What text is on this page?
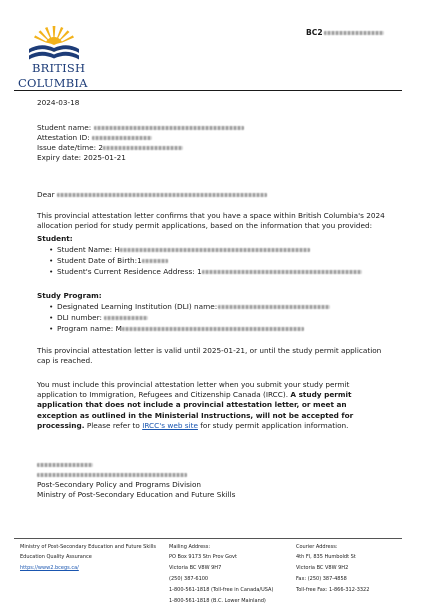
BRITISH
COLUMBIA
BC2
2024-03-18
Student name:
Attestation ID:
Issue date/time: 2
Expiry date: 2025-01-21
Dear
This provincial attestation letter confirms that you have a space within British Columbia's 2024 allocation period for study permit applications, based on the information that you provided:
Student:
• Student Name: H
• Student Date of Birth:1
• Student's Current Residence Address: 1
Study Program:
• Designated Learning Institution (DLI) name:
• DLI number:
• Program name: M
This provincial attestation letter is valid until 2025-01-21, or until the study permit application cap is reached.
You must include this provincial attestation letter when you submit your study permit application to Immigration, Refugees and Citizenship Canada (IRCC). A study permit application that does not include a provincial attestation letter, or meet an exception as outlined in the Ministerial Instructions, will not be accepted for processing. Please refer to IRCC's web site for study permit application information.
Post-Secondary Policy and Programs Division
Ministry of Post-Secondary Education and Future Skills
Ministry of Post-Secondary Education and Future Skills
Education Quality Assurance
https://www2.bcegs.ca/
Mailing Address:
PO Box 9173 Stn Prov Govt
Victoria BC V8W 9H7
(250) 387-6100
1-800-561-1818 (Toll-free in Canada/USA)
1-800-561-1818 (B.C. Lower Mainland)
Courier Address:
4th Fl, 835 Humboldt St
Victoria BC V8W 9H2
Fax: (250) 387-4858
Toll-free Fax: 1-866-312-3322
